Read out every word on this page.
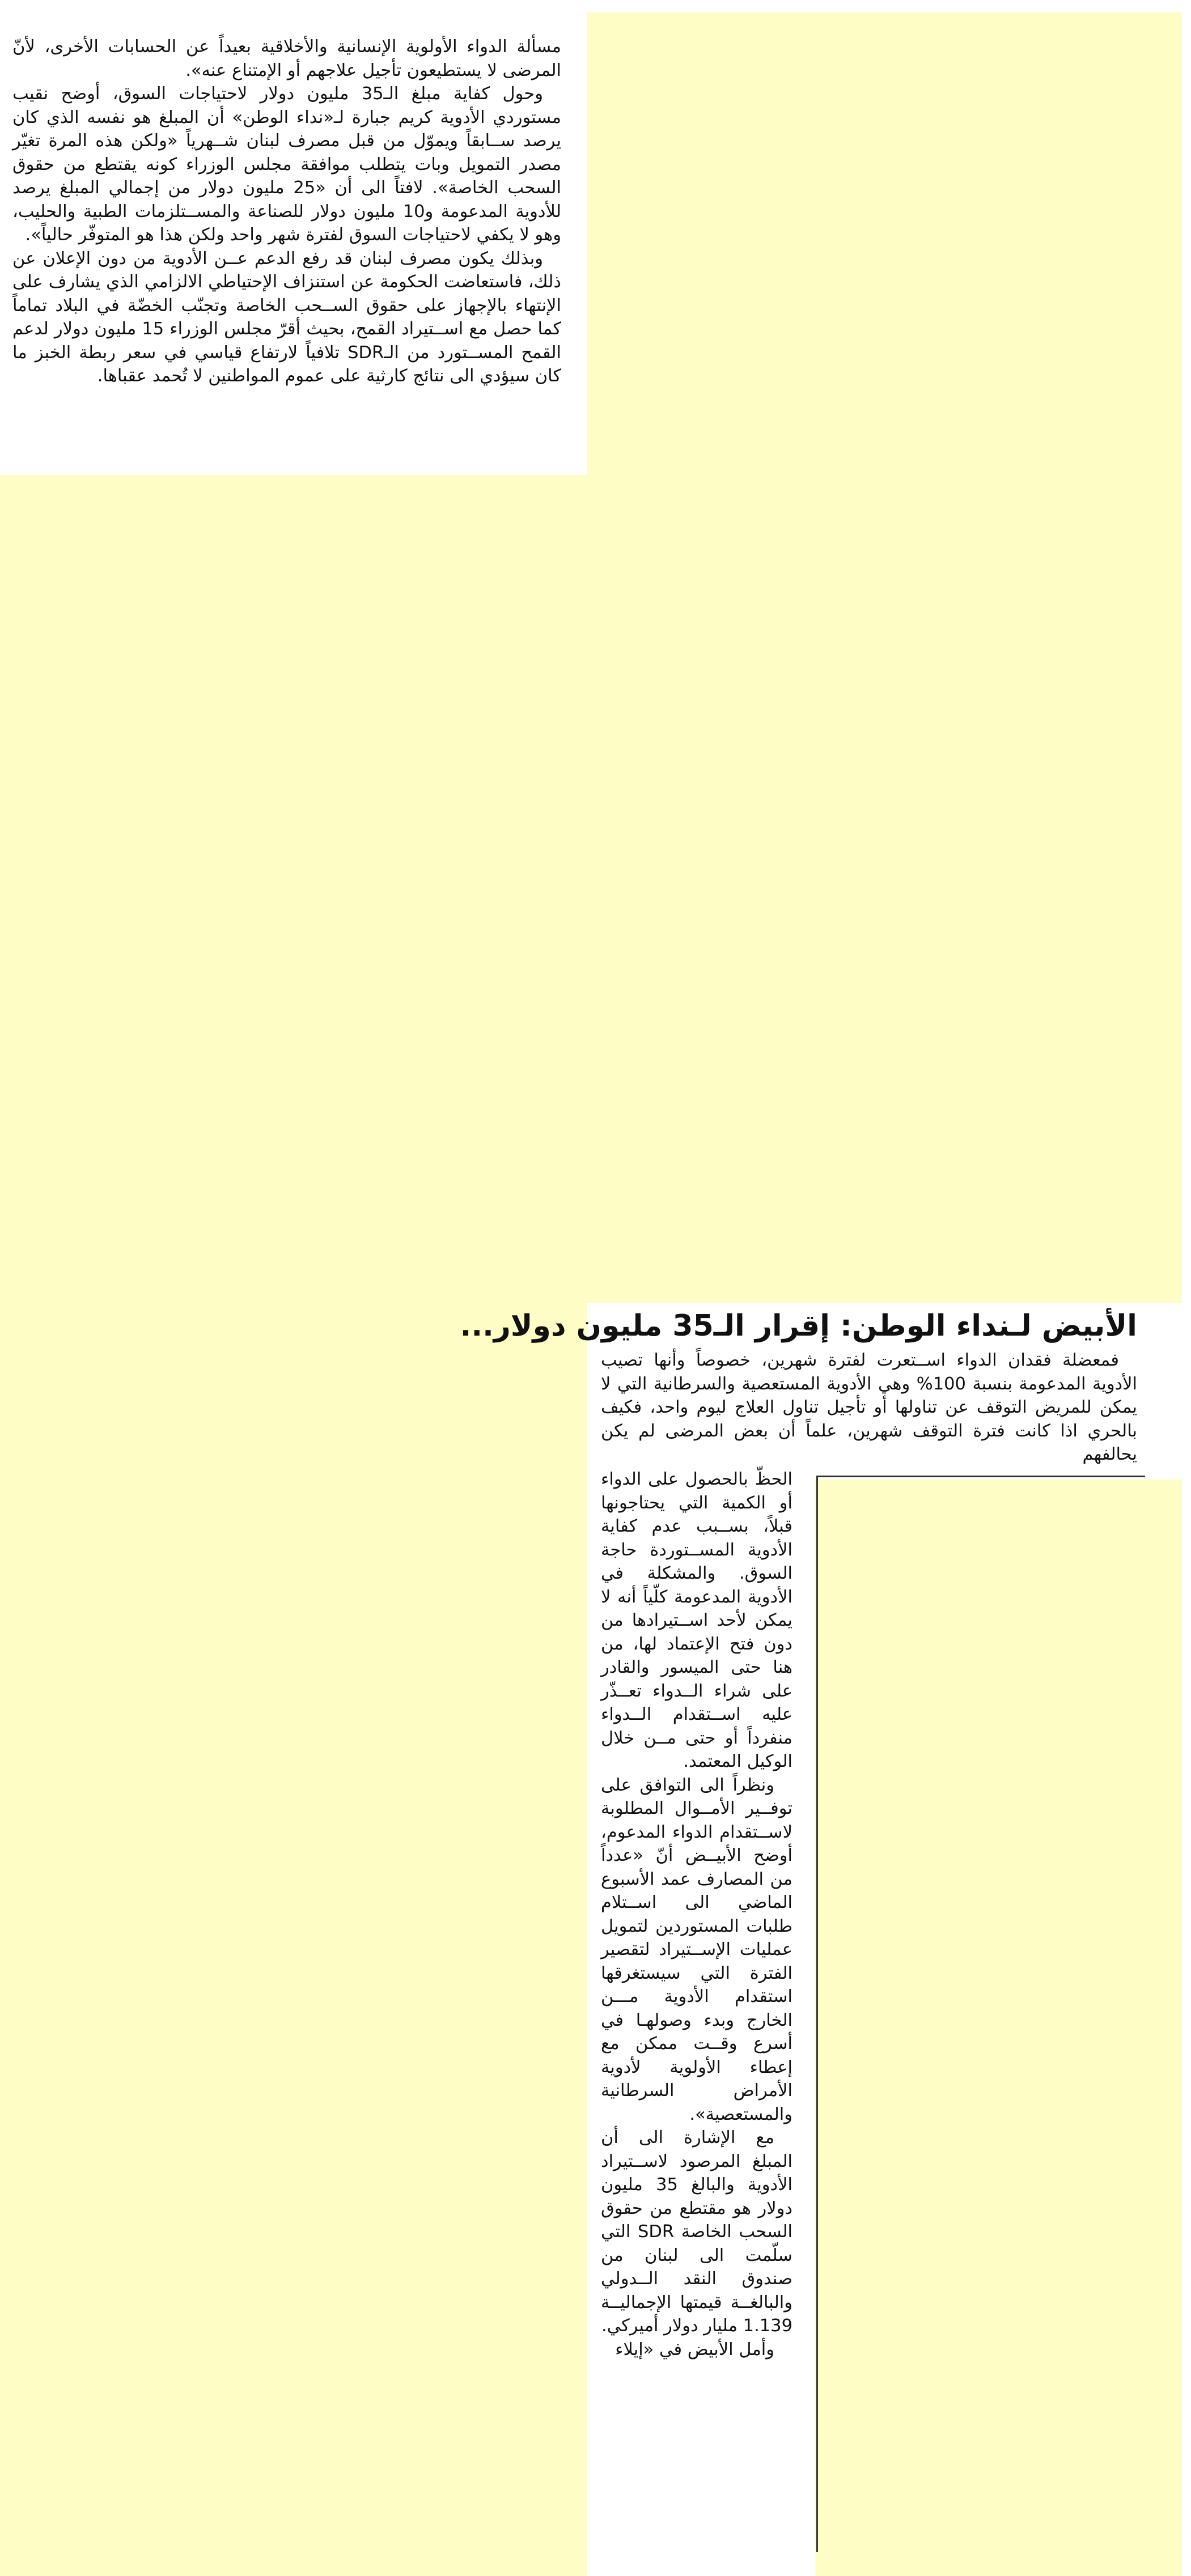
مسألة الدواء الأولوية الإنسانية والأخلاقية بعيداً عن الحسابات الأخرى، لأنّ المرضى لا يستطيعون تأجيل علاجهم أو الإمتناع عنه».

وحول كفاية مبلغ الـ35 مليون دولار لاحتياجات السوق، أوضح نقيب مستوردي الأدوية كريم جبارة لـ«نداء الوطن» أن المبلغ هو نفسه الذي كان يرصد ســابقاً ويموّل من قبل مصرف لبنان شــهرياً «ولكن هذه المرة تغيّر مصدر التمويل وبات يتطلب موافقة مجلس الوزراء كونه يقتطع من حقوق السحب الخاصة». لافتاً الى أن «25 مليون دولار من إجمالي المبلغ يرصد للأدوية المدعومة و10 مليون دولار للصناعة والمســتلزمات الطبية والحليب، وهو لا يكفي لاحتياجات السوق لفترة شهر واحد ولكن هذا هو المتوفّر حالياً».

وبذلك يكون مصرف لبنان قد رفع الدعم عــن الأدوية من دون الإعلان عن ذلك، فاستعاضت الحكومة عن استنزاف الإحتياطي الالزامي الذي يشارف على الإنتهاء بالإجهاز على حقوق الســحب الخاصة وتجنّب الخضّة في البلاد تماماً كما حصل مع اســتيراد القمح، بحيث أقرّ مجلس الوزراء 15 مليون دولار لدعم القمح المســتورد من الـSDR تلافياً لارتفاع قياسي في سعر ربطة الخبز ما كان سيؤدي الى نتائج كارثية على عموم المواطنين لا تُحمد عقباها.

الأبيض لـنداء الوطن: إقرار الـ35 مليون دولار...

فمعضلة فقدان الدواء اســتعرت لفترة شهرين، خصوصاً وأنها تصيب الأدوية المدعومة بنسبة 100% وهي الأدوية المستعصية والسرطانية التي لا يمكن للمريض التوقف عن تناولها أو تأجيل تناول العلاج ليوم واحد، فكيف بالحري اذا كانت فترة التوقف شهرين، علماً أن بعض المرضى لم يكن يحالفهم

الحظّ بالحصول على الدواء أو الكمية التي يحتاجونها قبلاً، بســبب عدم كفاية الأدوية المســتوردة حاجة السوق. والمشكلة في الأدوية المدعومة كلّياً أنه لا يمكن لأحد اســتيرادها من دون فتح الإعتماد لها، من هنا حتى الميسور والقادر على شراء الــدواء تعــذّر عليه اســتقدام الــدواء منفرداً أو حتى مــن خلال الوكيل المعتمد.

ونظراً الى التوافق على توفــير الأمــوال المطلوبة لاســتقدام الدواء المدعوم، أوضح الأبيــض أنّ «عدداً من المصارف عمد الأسبوع الماضي الى اســتلام طلبات المستوردين لتمويل عمليات الإســتيراد لتقصير الفترة التي سيستغرقها استقدام الأدوية مـــن الخارج وبدء وصولهـا في أسرع وقــت ممكن مع إعطاء الأولوية لأدوية الأمراض السرطانية والمستعصية».

مع الإشارة الى أن المبلغ المرصود لاســتيراد الأدوية والبالغ 35 مليون دولار هو مقتطع من حقوق السحب الخاصة SDR التي سلّمت الى لبنان من صندوق النقد الــدولي والبالغــة قيمتها الإجماليــة 1.139 مليار دولار أميركي.

وأمل الأبيض في «إيلاء
